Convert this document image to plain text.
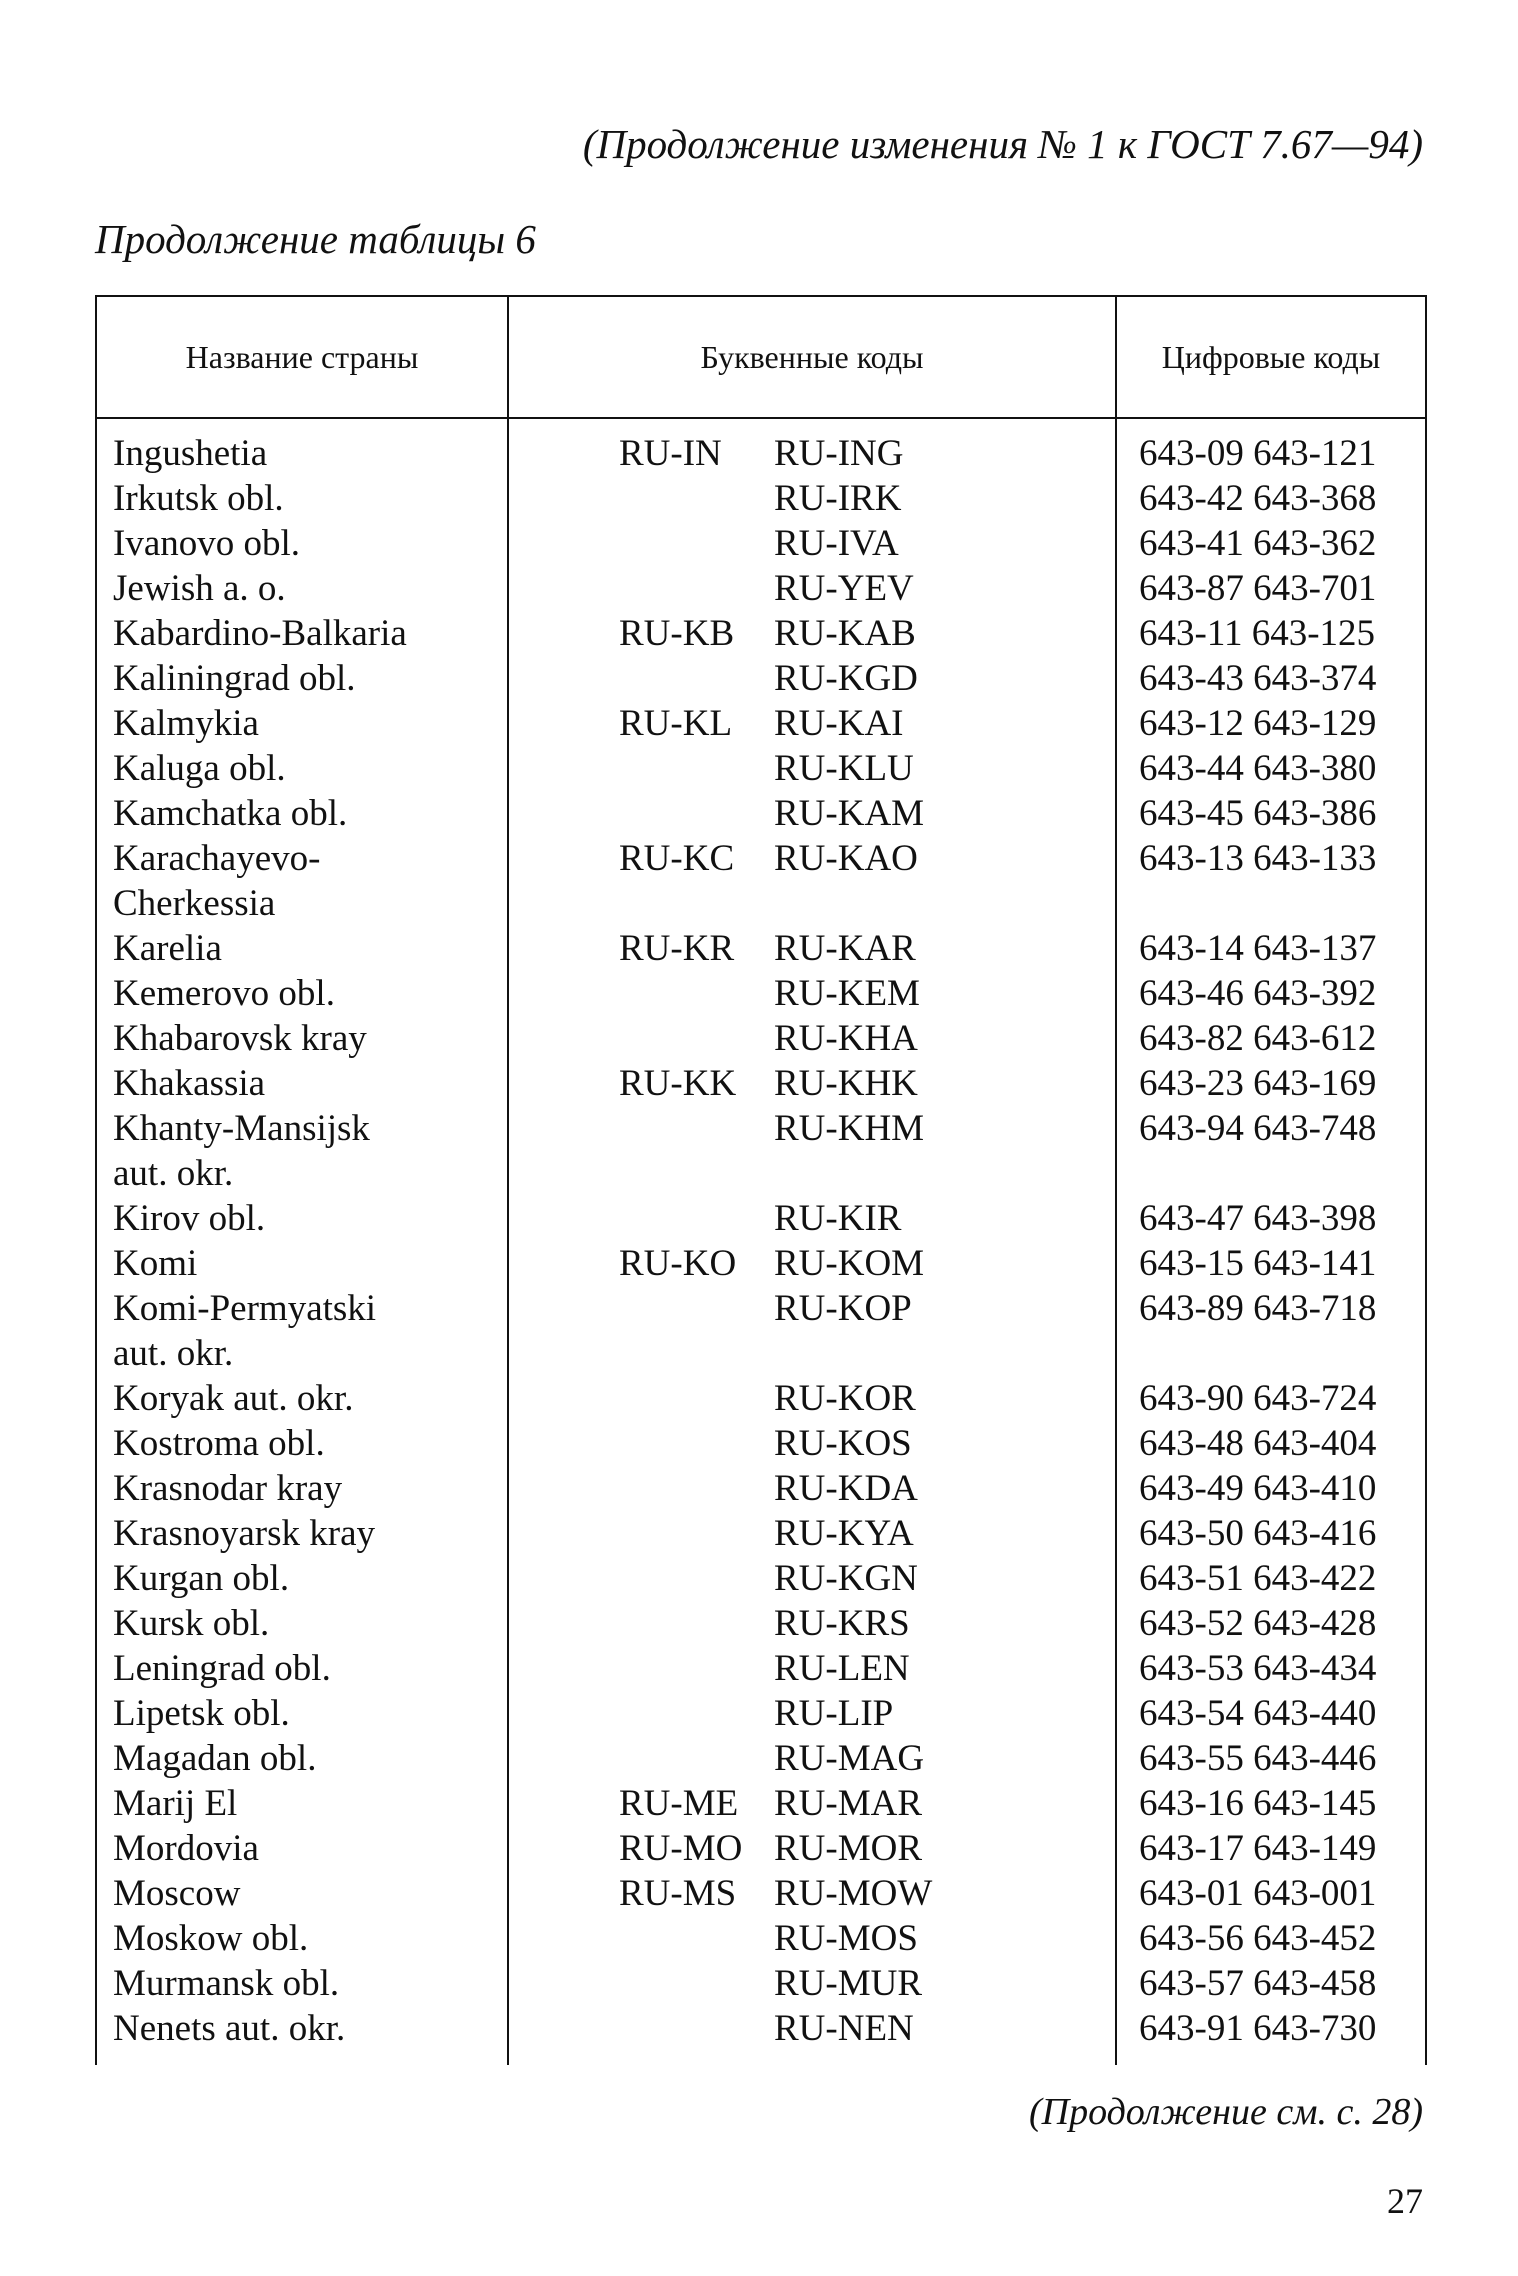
(Продолжение изменения № 1 к ГОСТ 7.67—94)
Продолжение таблицы 6
Название страны	Буквенные коды	Цифровые коды
Ingushetia	RU-IN RU-ING	643-09 643-121
Irkutsk obl.	RU-IRK	643-42 643-368
Ivanovo obl.	RU-IVA	643-41 643-362
Jewish a. o.	RU-YEV	643-87 643-701
Kabardino-Balkaria	RU-KB RU-KAB	643-11 643-125
Kaliningrad obl.	RU-KGD	643-43 643-374
Kalmykia	RU-KL RU-KAI	643-12 643-129
Kaluga obl.	RU-KLU	643-44 643-380
Kamchatka obl.	RU-KAM	643-45 643-386
Karachayevo-	RU-KC RU-KAO	643-13 643-133
Cherkessia	

Karelia	RU-KR RU-KAR	643-14 643-137
Kemerovo obl.	RU-KEM	643-46 643-392
Khabarovsk kray	RU-KHA	643-82 643-612
Khakassia	RU-KK RU-KHK	643-23 643-169
Khanty-Mansijsk	RU-KHM	643-94 643-748
aut. okr.	

Kirov obl.	RU-KIR	643-47 643-398
Komi	RU-KO RU-KOM	643-15 643-141
Komi-Permyatski	RU-KOP	643-89 643-718
aut. okr.	

Koryak aut. okr.	RU-KOR	643-90 643-724
Kostroma obl.	RU-KOS	643-48 643-404
Krasnodar kray	RU-KDA	643-49 643-410
Krasnoyarsk kray	RU-KYA	643-50 643-416
Kurgan obl.	RU-KGN	643-51 643-422
Kursk obl.	RU-KRS	643-52 643-428
Leningrad obl.	RU-LEN	643-53 643-434
Lipetsk obl.	RU-LIP	643-54 643-440
Magadan obl.	RU-MAG	643-55 643-446
Marij El	RU-ME RU-MAR	643-16 643-145
Mordovia	RU-MO RU-MOR	643-17 643-149
Moscow	RU-MS RU-MOW	643-01 643-001
Moskow obl.	RU-MOS	643-56 643-452
Murmansk obl.	RU-MUR	643-57 643-458
Nenets aut. okr.	RU-NEN	643-91 643-730
(Продолжение см. с. 28)
27
